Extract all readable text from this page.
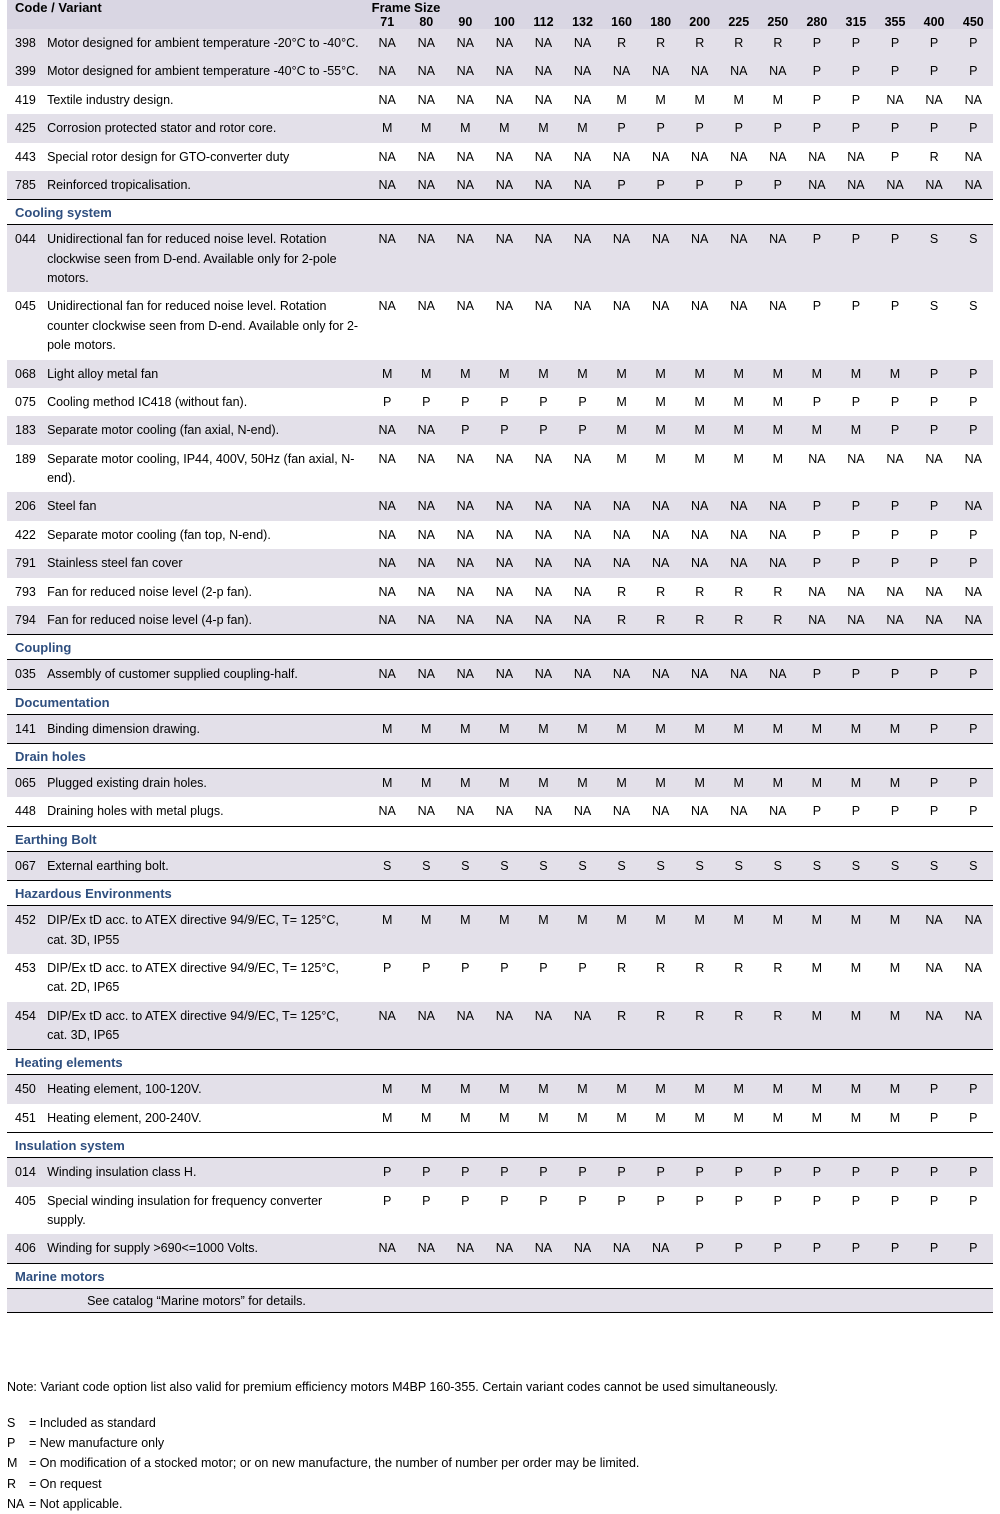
Code / Variant		Frame Size															
		71	80	90	100	112	132	160	180	200	225	250	280	315	355	400	450
398	Motor designed for ambient temperature -20°C to -40°C.	NA	NA	NA	NA	NA	NA	R	R	R	R	R	P	P	P	P	P
399	Motor designed for ambient temperature -40°C to -55°C.	NA	NA	NA	NA	NA	NA	NA	NA	NA	NA	NA	P	P	P	P	P
419	Textile industry design.	NA	NA	NA	NA	NA	NA	M	M	M	M	M	P	P	NA	NA	NA
425	Corrosion protected stator and rotor core.	M	M	M	M	M	M	P	P	P	P	P	P	P	P	P	P
443	Special rotor design for GTO-converter duty	NA	NA	NA	NA	NA	NA	NA	NA	NA	NA	NA	NA	NA	P	R	NA
785	Reinforced tropicalisation.	NA	NA	NA	NA	NA	NA	P	P	P	P	P	NA	NA	NA	NA	NA
Cooling system																	
044	Unidirectional fan for reduced noise level. Rotation clockwise seen from D-end. Available only for 2-pole motors.	NA	NA	NA	NA	NA	NA	NA	NA	NA	NA	NA	P	P	P	S	S
045	Unidirectional fan for reduced noise level. Rotation counter clockwise seen from D-end. Available only for 2-pole motors.	NA	NA	NA	NA	NA	NA	NA	NA	NA	NA	NA	P	P	P	S	S
068	Light alloy metal fan	M	M	M	M	M	M	M	M	M	M	M	M	M	M	P	P
075	Cooling method IC418 (without fan).	P	P	P	P	P	P	M	M	M	M	M	P	P	P	P	P
183	Separate motor cooling (fan axial, N-end).	NA	NA	P	P	P	P	M	M	M	M	M	M	M	P	P	P
189	Separate motor cooling, IP44, 400V, 50Hz (fan axial, N-end).	NA	NA	NA	NA	NA	NA	M	M	M	M	M	NA	NA	NA	NA	NA
206	Steel fan	NA	NA	NA	NA	NA	NA	NA	NA	NA	NA	NA	P	P	P	P	NA
422	Separate motor cooling (fan top, N-end).	NA	NA	NA	NA	NA	NA	NA	NA	NA	NA	NA	P	P	P	P	P
791	Stainless steel fan cover	NA	NA	NA	NA	NA	NA	NA	NA	NA	NA	NA	P	P	P	P	P
793	Fan for reduced noise level (2-p fan).	NA	NA	NA	NA	NA	NA	R	R	R	R	R	NA	NA	NA	NA	NA
794	Fan for reduced noise level (4-p fan).	NA	NA	NA	NA	NA	NA	R	R	R	R	R	NA	NA	NA	NA	NA
Coupling																	
035	Assembly of customer supplied coupling-half.	NA	NA	NA	NA	NA	NA	NA	NA	NA	NA	NA	P	P	P	P	P
Documentation																	
141	Binding dimension drawing.	M	M	M	M	M	M	M	M	M	M	M	M	M	M	P	P
Drain holes																	
065	Plugged existing drain holes.	M	M	M	M	M	M	M	M	M	M	M	M	M	M	P	P
448	Draining holes with metal plugs.	NA	NA	NA	NA	NA	NA	NA	NA	NA	NA	NA	P	P	P	P	P
Earthing Bolt																	
067	External earthing bolt.	S	S	S	S	S	S	S	S	S	S	S	S	S	S	S	S
Hazardous Environments																	
452	DIP/Ex tD acc. to ATEX directive 94/9/EC, T= 125°C, cat. 3D, IP55	M	M	M	M	M	M	M	M	M	M	M	M	M	M	NA	NA
453	DIP/Ex tD acc. to ATEX directive 94/9/EC, T= 125°C, cat. 2D, IP65	P	P	P	P	P	P	R	R	R	R	R	M	M	M	NA	NA
454	DIP/Ex tD acc. to ATEX directive 94/9/EC, T= 125°C, cat. 3D, IP65	NA	NA	NA	NA	NA	NA	R	R	R	R	R	M	M	M	NA	NA
Heating elements																	
450	Heating element, 100-120V.	M	M	M	M	M	M	M	M	M	M	M	M	M	M	P	P
451	Heating element, 200-240V.	M	M	M	M	M	M	M	M	M	M	M	M	M	M	P	P
Insulation system																	
014	Winding insulation class H.	P	P	P	P	P	P	P	P	P	P	P	P	P	P	P	P
405	Special winding insulation for frequency converter supply.	P	P	P	P	P	P	P	P	P	P	P	P	P	P	P	P
406	Winding for supply >690<=1000 Volts.	NA	NA	NA	NA	NA	NA	NA	NA	P	P	P	P	P	P	P	P
Marine motors																	
	See catalog “Marine motors” for details.																
Note: Variant code option list also valid for premium efficiency motors M4BP 160-355. Certain variant codes cannot be used simultaneously.
S = Included as standard
P = New manufacture only
M = On modification of a stocked motor; or on new manufacture, the number of number per order may be limited.
R = On request
NA = Not applicable.
